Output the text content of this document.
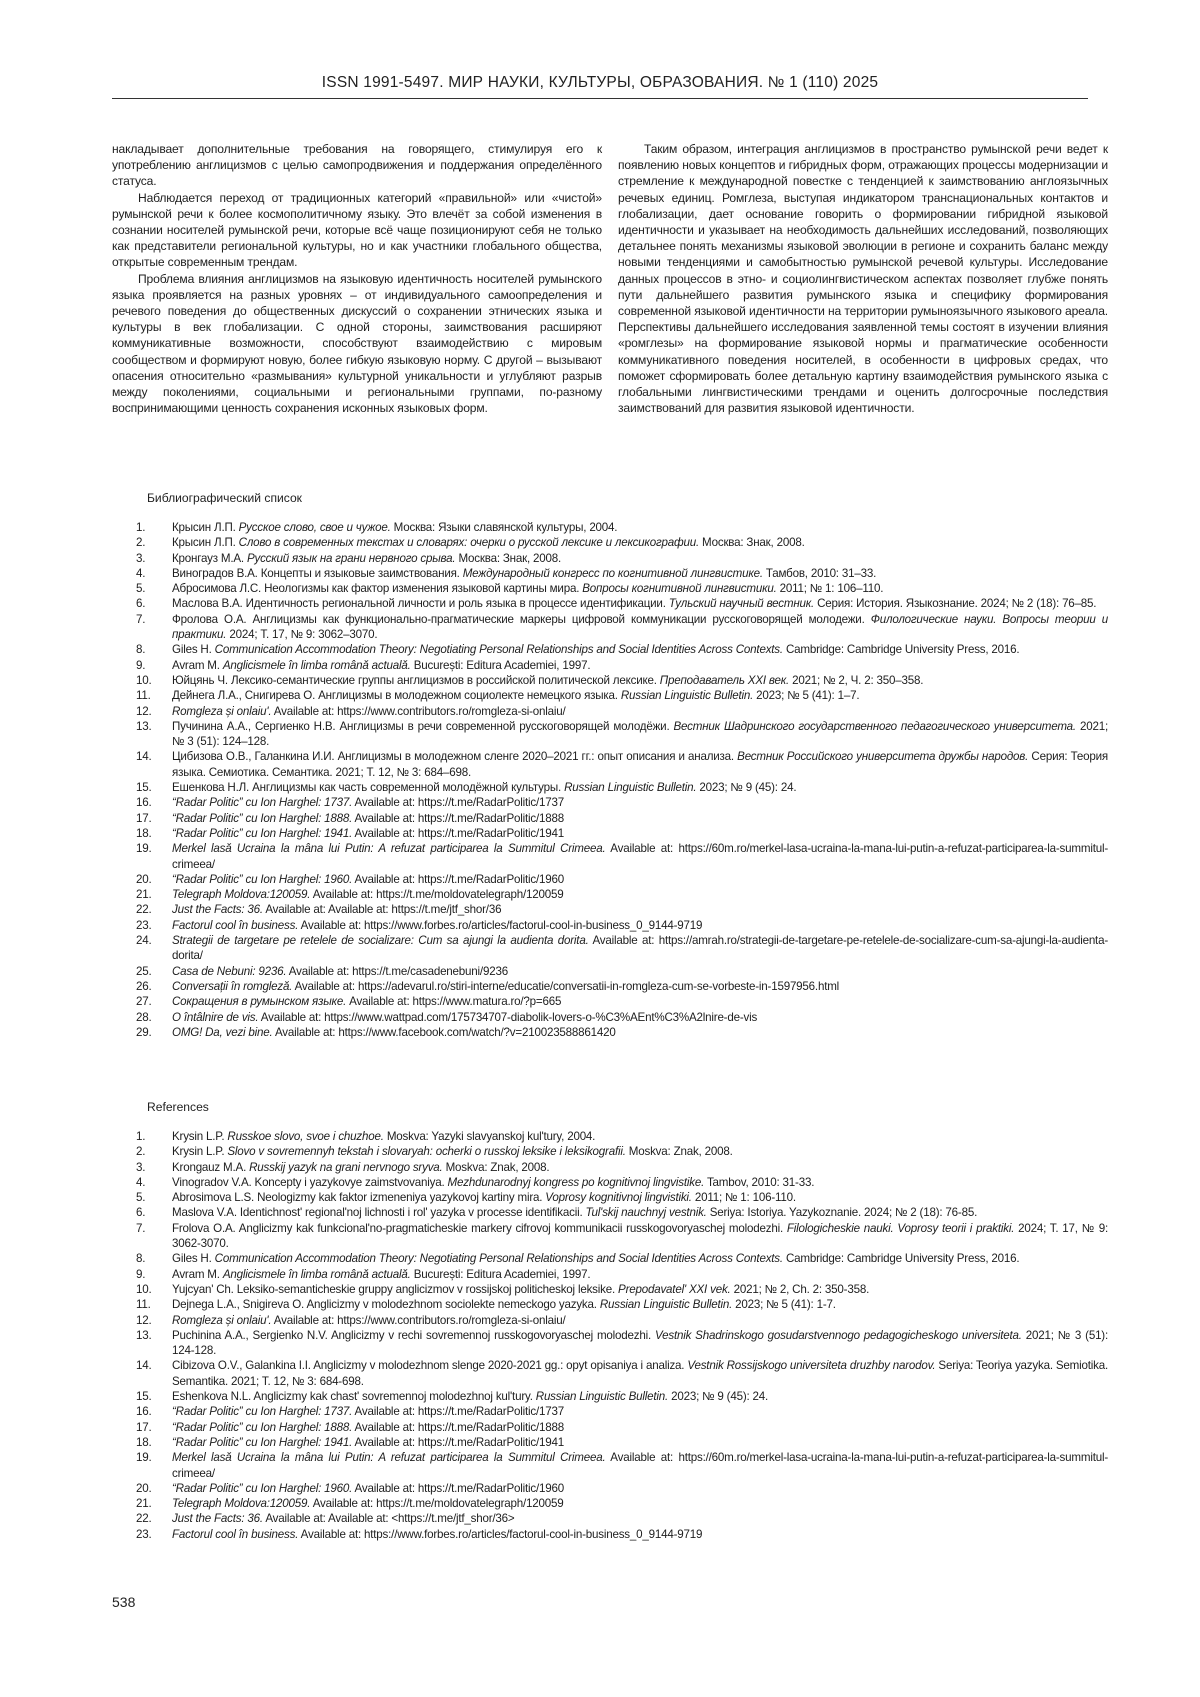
ISSN 1991-5497. МИР НАУКИ, КУЛЬТУРЫ, ОБРАЗОВАНИЯ. № 1 (110) 2025

накладывает дополнительные требования на говорящего, стимулируя его к употреблению англицизмов с целью самопродвижения и поддержания определённого статуса.

Наблюдается переход от традиционных категорий «правильной» или «чистой» румынской речи к более космополитичному языку. Это влечёт за собой изменения в сознании носителей румынской речи, которые всё чаще позиционируют себя не только как представители региональной культуры, но и как участники глобального общества, открытые современным трендам.

Проблема влияния англицизмов на языковую идентичность носителей румынского языка проявляется на разных уровнях – от индивидуального самоопределения и речевого поведения до общественных дискуссий о сохранении этнических языка и культуры в век глобализации. С одной стороны, заимствования расширяют коммуникативные возможности, способствуют взаимодействию с мировым сообществом и формируют новую, более гибкую языковую норму. С другой – вызывают опасения относительно «размывания» культурной уникальности и углубляют разрыв между поколениями, социальными и региональными группами, по-разному воспринимающими ценность сохранения исконных языковых форм.

Таким образом, интеграция англицизмов в пространство румынской речи ведет к появлению новых концептов и гибридных форм, отражающих процессы модернизации и стремление к международной повестке с тенденцией к заимствованию англоязычных речевых единиц. Ромглеза, выступая индикатором транснациональных контактов и глобализации, дает основание говорить о формировании гибридной языковой идентичности и указывает на необходимость дальнейших исследований, позволяющих детальнее понять механизмы языковой эволюции в регионе и сохранить баланс между новыми тенденциями и самобытностью румынской речевой культуры. Исследование данных процессов в этно- и социолингвистическом аспектах позволяет глубже понять пути дальнейшего развития румынского языка и специфику формирования современной языковой идентичности на территории румыноязычного языкового ареала. Перспективы дальнейшего исследования заявленной темы состоят в изучении влияния «ромглезы» на формирование языковой нормы и прагматические особенности коммуникативного поведения носителей, в особенности в цифровых средах, что поможет сформировать более детальную картину взаимодействия румынского языка с глобальными лингвистическими трендами и оценить долгосрочные последствия заимствований для развития языковой идентичности.

Библиографический список
1.	Крысин Л.П. Русское слово, свое и чужое. Москва: Языки славянской культуры, 2004.
2.	Крысин Л.П. Слово в современных текстах и словарях: очерки о русской лексике и лексикографии. Москва: Знак, 2008.
3.	Кронгауз М.А. Русский язык на грани нервного срыва. Москва: Знак, 2008.
4.	Виноградов В.А. Концепты и языковые заимствования. Международный конгресс по когнитивной лингвистике. Тамбов, 2010: 31–33.
5.	Абросимова Л.С. Неологизмы как фактор изменения языковой картины мира. Вопросы когнитивной лингвистики. 2011; № 1: 106–110.
6.	Маслова В.А. Идентичность региональной личности и роль языка в процессе идентификации. Тульский научный вестник. Серия: История. Языкознание. 2024; № 2 (18): 76–85.
7.	Фролова О.А. Англицизмы как функционально-прагматические маркеры цифровой коммуникации русскоговорящей молодежи. Филологические науки. Вопросы теории и практики. 2024; Т. 17, № 9: 3062–3070.
8.	Giles H. Communication Accommodation Theory: Negotiating Personal Relationships and Social Identities Across Contexts. Cambridge: Cambridge University Press, 2016.
9.	Avram M. Anglicismele în limba română actuală. București: Editura Academiei, 1997.
10.	Юйцянь Ч. Лексико-семантические группы англицизмов в российской политической лексике. Преподаватель XXI век. 2021; № 2, Ч. 2: 350–358.
11.	Дейнега Л.А., Снигирева О. Англицизмы в молодежном социолекте немецкого языка. Russian Linguistic Bulletin. 2023; № 5 (41): 1–7.
12.	Romgleza și onlaiu'. Available at: https://www.contributors.ro/romgleza-si-onlaiu/
13.	Пучинина А.А., Сергиенко Н.В. Англицизмы в речи современной русскоговорящей молодёжи. Вестник Шадринского государственного педагогического университета. 2021; № 3 (51): 124–128.
14.	Цибизова О.В., Галанкина И.И. Англицизмы в молодежном сленге 2020–2021 гг.: опыт описания и анализа. Вестник Российского университета дружбы народов. Серия: Теория языка. Семиотика. Семантика. 2021; Т. 12, № 3: 684–698.
15.	Ешенкова Н.Л. Англицизмы как часть современной молодёжной культуры. Russian Linguistic Bulletin. 2023; № 9 (45): 24.
16.	“Radar Politic” cu Ion Harghel: 1737. Available at: https://t.me/RadarPolitic/1737
17.	“Radar Politic” cu Ion Harghel: 1888. Available at: https://t.me/RadarPolitic/1888
18.	“Radar Politic” cu Ion Harghel: 1941. Available at: https://t.me/RadarPolitic/1941
19.	Merkel lasă Ucraina la mâna lui Putin: A refuzat participarea la Summitul Crimeea. Available at: https://60m.ro/merkel-lasa-ucraina-la-mana-lui-putin-a-refuzat-participarea-la-summitul-crimeea/
20.	“Radar Politic” cu Ion Harghel: 1960. Available at: https://t.me/RadarPolitic/1960
21.	Telegraph Moldova:120059. Available at: https://t.me/moldovatelegraph/120059
22.	Just the Facts: 36. Available at: Available at: https://t.me/jtf_shor/36
23.	Factorul cool în business. Available at: https://www.forbes.ro/articles/factorul-cool-in-business_0_9144-9719
24.	Strategii de targetare pe retelele de socializare: Cum sa ajungi la audienta dorita. Available at: https://amrah.ro/strategii-de-targetare-pe-retelele-de-socializare-cum-sa-ajungi-la-audienta-dorita/
25.	Casa de Nebuni: 9236. Available at: https://t.me/casadenebuni/9236
26.	Conversații în romgleză. Available at: https://adevarul.ro/stiri-interne/educatie/conversatii-in-romgleza-cum-se-vorbeste-in-1597956.html
27.	Сокращения в румынском языке. Available at: https://www.matura.ro/?p=665
28.	O întâlnire de vis. Available at: https://www.wattpad.com/175734707-diabolik-lovers-o-%C3%AEnt%C3%A2lnire-de-vis
29.	OMG! Da, vezi bine. Available at: https://www.facebook.com/watch/?v=210023588861420
References
1.	Krysin L.P. Russkoe slovo, svoe i chuzhoe. Moskva: Yazyki slavyanskoj kul'tury, 2004.
2.	Krysin L.P. Slovo v sovremennyh tekstah i slovaryah: ocherki o russkoj leksike i leksikografii. Moskva: Znak, 2008.
3.	Krongauz M.A. Russkij yazyk na grani nervnogo sryva. Moskva: Znak, 2008.
4.	Vinogradov V.A. Koncepty i yazykovye zaimstvovaniya. Mezhdunarodnyj kongress po kognitivnoj lingvistike. Tambov, 2010: 31-33.
5.	Abrosimova L.S. Neologizmy kak faktor izmeneniya yazykovoj kartiny mira. Voprosy kognitivnoj lingvistiki. 2011; № 1: 106-110.
6.	Maslova V.A. Identichnost' regional'noj lichnosti i rol' yazyka v processe identifikacii. Tul'skij nauchnyj vestnik. Seriya: Istoriya. Yazykoznanie. 2024; № 2 (18): 76-85.
7.	Frolova O.A. Anglicizmy kak funkcional'no-pragmaticheskie markery cifrovoj kommunikacii russkogovoryaschej molodezhi. Filologicheskie nauki. Voprosy teorii i praktiki. 2024; T. 17, № 9: 3062-3070.
8.	Giles H. Communication Accommodation Theory: Negotiating Personal Relationships and Social Identities Across Contexts. Cambridge: Cambridge University Press, 2016.
9.	Avram M. Anglicismele în limba română actuală. București: Editura Academiei, 1997.
10.	Yujcyan' Ch. Leksiko-semanticheskie gruppy anglicizmov v rossijskoj politicheskoj leksike. Prepodavatel' XXI vek. 2021; № 2, Ch. 2: 350-358.
11.	Dejnega L.A., Snigireva O. Anglicizmy v molodezhnom sociolekte nemeckogo yazyka. Russian Linguistic Bulletin. 2023; № 5 (41): 1-7.
12.	Romgleza și onlaiu'. Available at: https://www.contributors.ro/romgleza-si-onlaiu/
13.	Puchinina A.A., Sergienko N.V. Anglicizmy v rechi sovremennoj russkogovoryaschej molodezhi. Vestnik Shadrinskogo gosudarstvennogo pedagogicheskogo universiteta. 2021; № 3 (51): 124-128.
14.	Cibizova O.V., Galankina I.I. Anglicizmy v molodezhnom slenge 2020-2021 gg.: opyt opisaniya i analiza. Vestnik Rossijskogo universiteta druzhby narodov. Seriya: Teoriya yazyka. Semiotika. Semantika. 2021; T. 12, № 3: 684-698.
15.	Eshenkova N.L. Anglicizmy kak chast' sovremennoj molodezhnoj kul'tury. Russian Linguistic Bulletin. 2023; № 9 (45): 24.
16.	“Radar Politic” cu Ion Harghel: 1737. Available at: https://t.me/RadarPolitic/1737
17.	“Radar Politic” cu Ion Harghel: 1888. Available at: https://t.me/RadarPolitic/1888
18.	“Radar Politic” cu Ion Harghel: 1941. Available at: https://t.me/RadarPolitic/1941
19.	Merkel lasă Ucraina la mâna lui Putin: A refuzat participarea la Summitul Crimeea. Available at: https://60m.ro/merkel-lasa-ucraina-la-mana-lui-putin-a-refuzat-participarea-la-summitul-crimeea/
20.	“Radar Politic” cu Ion Harghel: 1960. Available at: https://t.me/RadarPolitic/1960
21.	Telegraph Moldova:120059. Available at: https://t.me/moldovatelegraph/120059
22.	Just the Facts: 36. Available at: Available at: <https://t.me/jtf_shor/36>
23.	Factorul cool în business. Available at: https://www.forbes.ro/articles/factorul-cool-in-business_0_9144-9719
538
